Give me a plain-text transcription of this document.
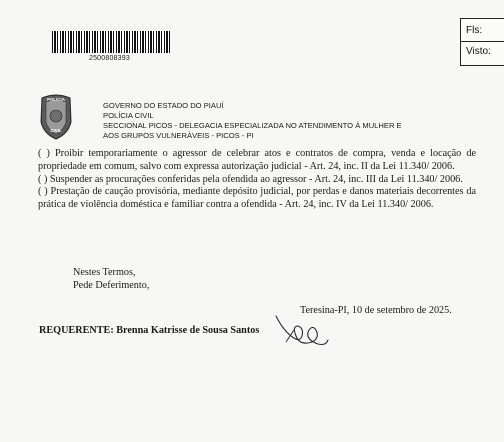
2500808393
Fls:
Visto:
POLÍCIA
CIVIL
GOVERNO DO ESTADO DO PIAUÍ
POLÍCIA CIVIL
SECCIONAL PICOS - DELEGACIA ESPECIALIZADA NO ATENDIMENTO À MULHER E
AOS GRUPOS VULNERÁVEIS - PICOS - PI

( ) Proibir temporariamente o agressor de celebrar atos e contratos de compra, venda e locação de propriedade em comum, salvo com expressa autorização judicial - Art. 24, inc. II da Lei 11.340/ 2006.

( ) Suspender as procurações conferidas pela ofendida ao agressor - Art. 24, inc. III da Lei 11.340/ 2006.

( ) Prestação de caução provisória, mediante depósito judicial, por perdas e danos materiais decorrentes da prática de violência doméstica e familiar contra a ofendida - Art. 24, inc. IV da Lei 11.340/ 2006.

Nestes Termos,
Pede Deferimento,
Teresina-PI, 10 de setembro de 2025.
REQUERENTE: Brenna Katrisse de Sousa Santos
